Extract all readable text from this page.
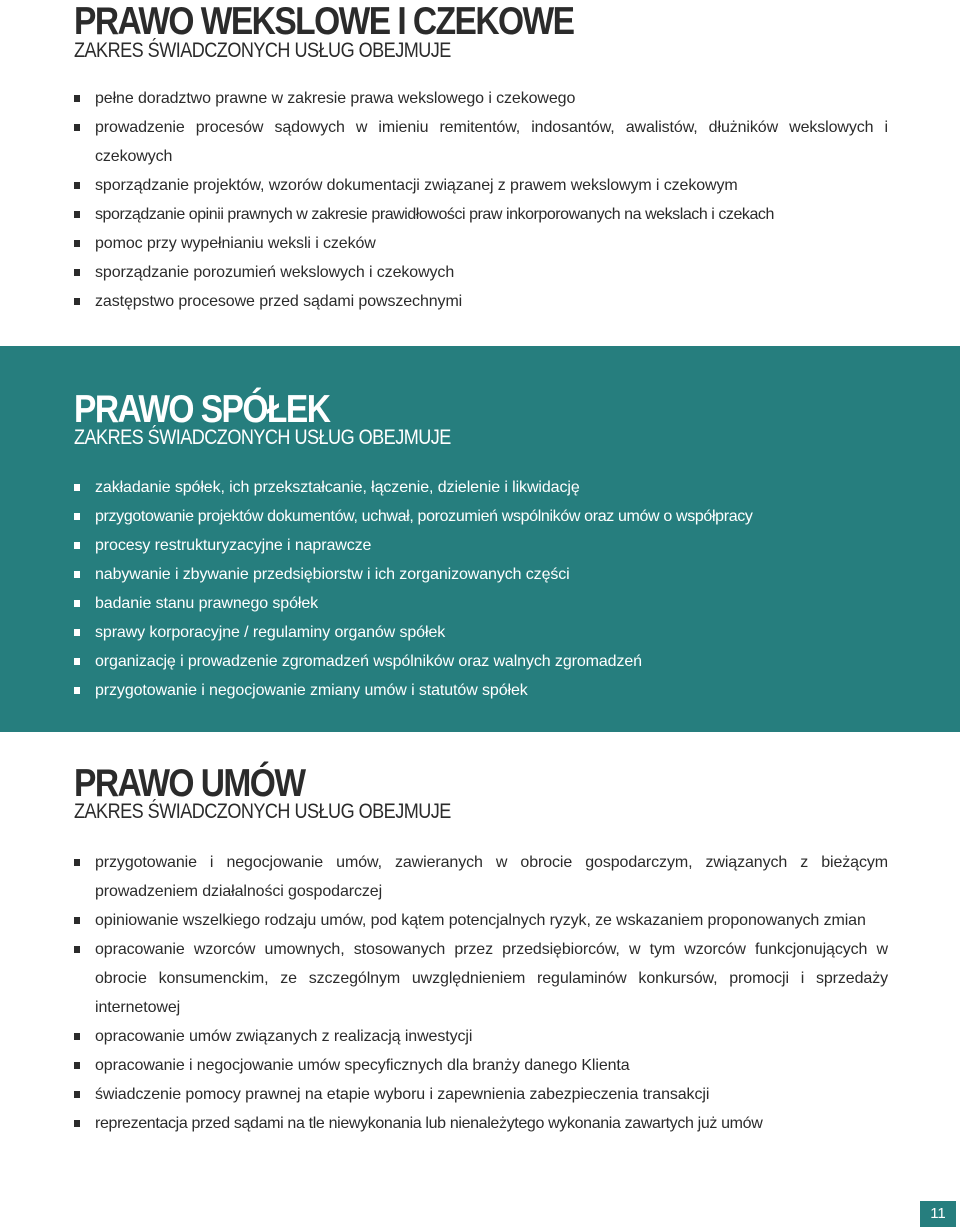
PRAWO WEKSLOWE I CZEKOWE
ZAKRES ŚWIADCZONYCH USŁUG OBEJMUJE
pełne doradztwo prawne w zakresie prawa wekslowego i czekowego
prowadzenie procesów sądowych w imieniu remitentów, indosantów, awalistów, dłużników wekslowych i czekowych
sporządzanie projektów, wzorów dokumentacji związanej z prawem wekslowym i czekowym
sporządzanie opinii prawnych w zakresie prawidłowości praw inkorporowanych na wekslach i czekach
pomoc przy wypełnianiu weksli i czeków
sporządzanie porozumień wekslowych i czekowych
zastępstwo procesowe przed sądami powszechnymi
PRAWO SPÓŁEK
ZAKRES ŚWIADCZONYCH USŁUG OBEJMUJE
zakładanie spółek, ich przekształcanie, łączenie, dzielenie i likwidację
przygotowanie projektów dokumentów, uchwał, porozumień wspólników oraz umów o współpracy
procesy restrukturyzacyjne i naprawcze
nabywanie i zbywanie przedsiębiorstw i ich zorganizowanych części
badanie stanu prawnego spółek
sprawy korporacyjne / regulaminy organów spółek
organizację i prowadzenie zgromadzeń wspólników oraz walnych zgromadzeń
przygotowanie i negocjowanie zmiany umów i statutów spółek
PRAWO UMÓW
ZAKRES ŚWIADCZONYCH USŁUG OBEJMUJE
przygotowanie i negocjowanie umów, zawieranych w obrocie gospodarczym, związanych z bieżącym prowadzeniem działalności gospodarczej
opiniowanie wszelkiego rodzaju umów, pod kątem potencjalnych ryzyk, ze wskazaniem proponowanych zmian
opracowanie wzorców umownych, stosowanych przez przedsiębiorców, w tym wzorców funkcjonujących w obrocie konsumenckim, ze szczególnym uwzględnieniem regulaminów konkursów, promocji i sprzedaży internetowej
opracowanie umów związanych z realizacją inwestycji
opracowanie i negocjowanie umów specyficznych dla branży danego Klienta
świadczenie pomocy prawnej na etapie wyboru i zapewnienia zabezpieczenia transakcji
reprezentacja przed sądami na tle niewykonania lub nienależytego wykonania zawartych już umów
11
